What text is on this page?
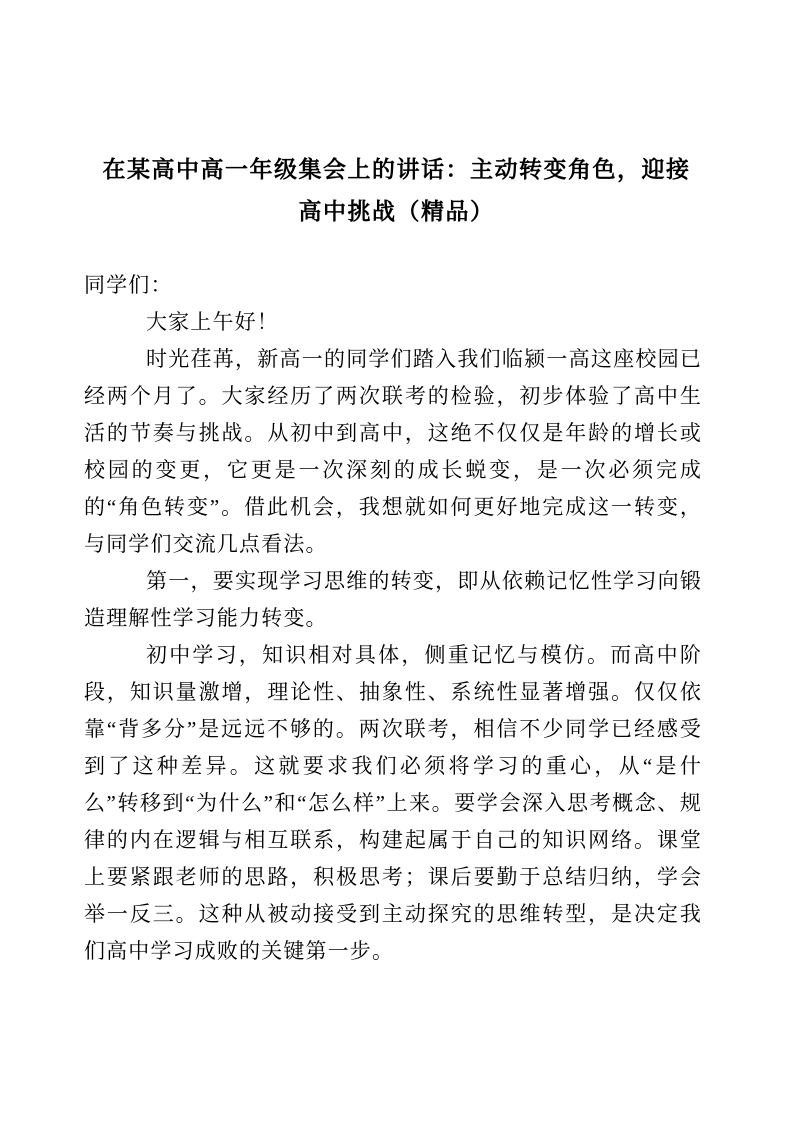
在某高中高一年级集会上的讲话：主动转变角色，迎接高中挑战（精品）

同学们：

大家上午好！

时光荏苒，新高一的同学们踏入我们临颍一高这座校园已经两个月了。大家经历了两次联考的检验，初步体验了高中生活的节奏与挑战。从初中到高中，这绝不仅仅是年龄的增长或校园的变更，它更是一次深刻的成长蜕变，是一次必须完成的“角色转变”。借此机会，我想就如何更好地完成这一转变，与同学们交流几点看法。

第一，要实现学习思维的转变，即从依赖记忆性学习向锻造理解性学习能力转变。

初中学习，知识相对具体，侧重记忆与模仿。而高中阶段，知识量激增，理论性、抽象性、系统性显著增强。仅仅依靠“背多分”是远远不够的。两次联考，相信不少同学已经感受到了这种差异。这就要求我们必须将学习的重心，从“是什么”转移到“为什么”和“怎么样”上来。要学会深入思考概念、规律的内在逻辑与相互联系，构建起属于自己的知识网络。课堂上要紧跟老师的思路，积极思考；课后要勤于总结归纳，学会举一反三。这种从被动接受到主动探究的思维转型，是决定我们高中学习成败的关键第一步。
